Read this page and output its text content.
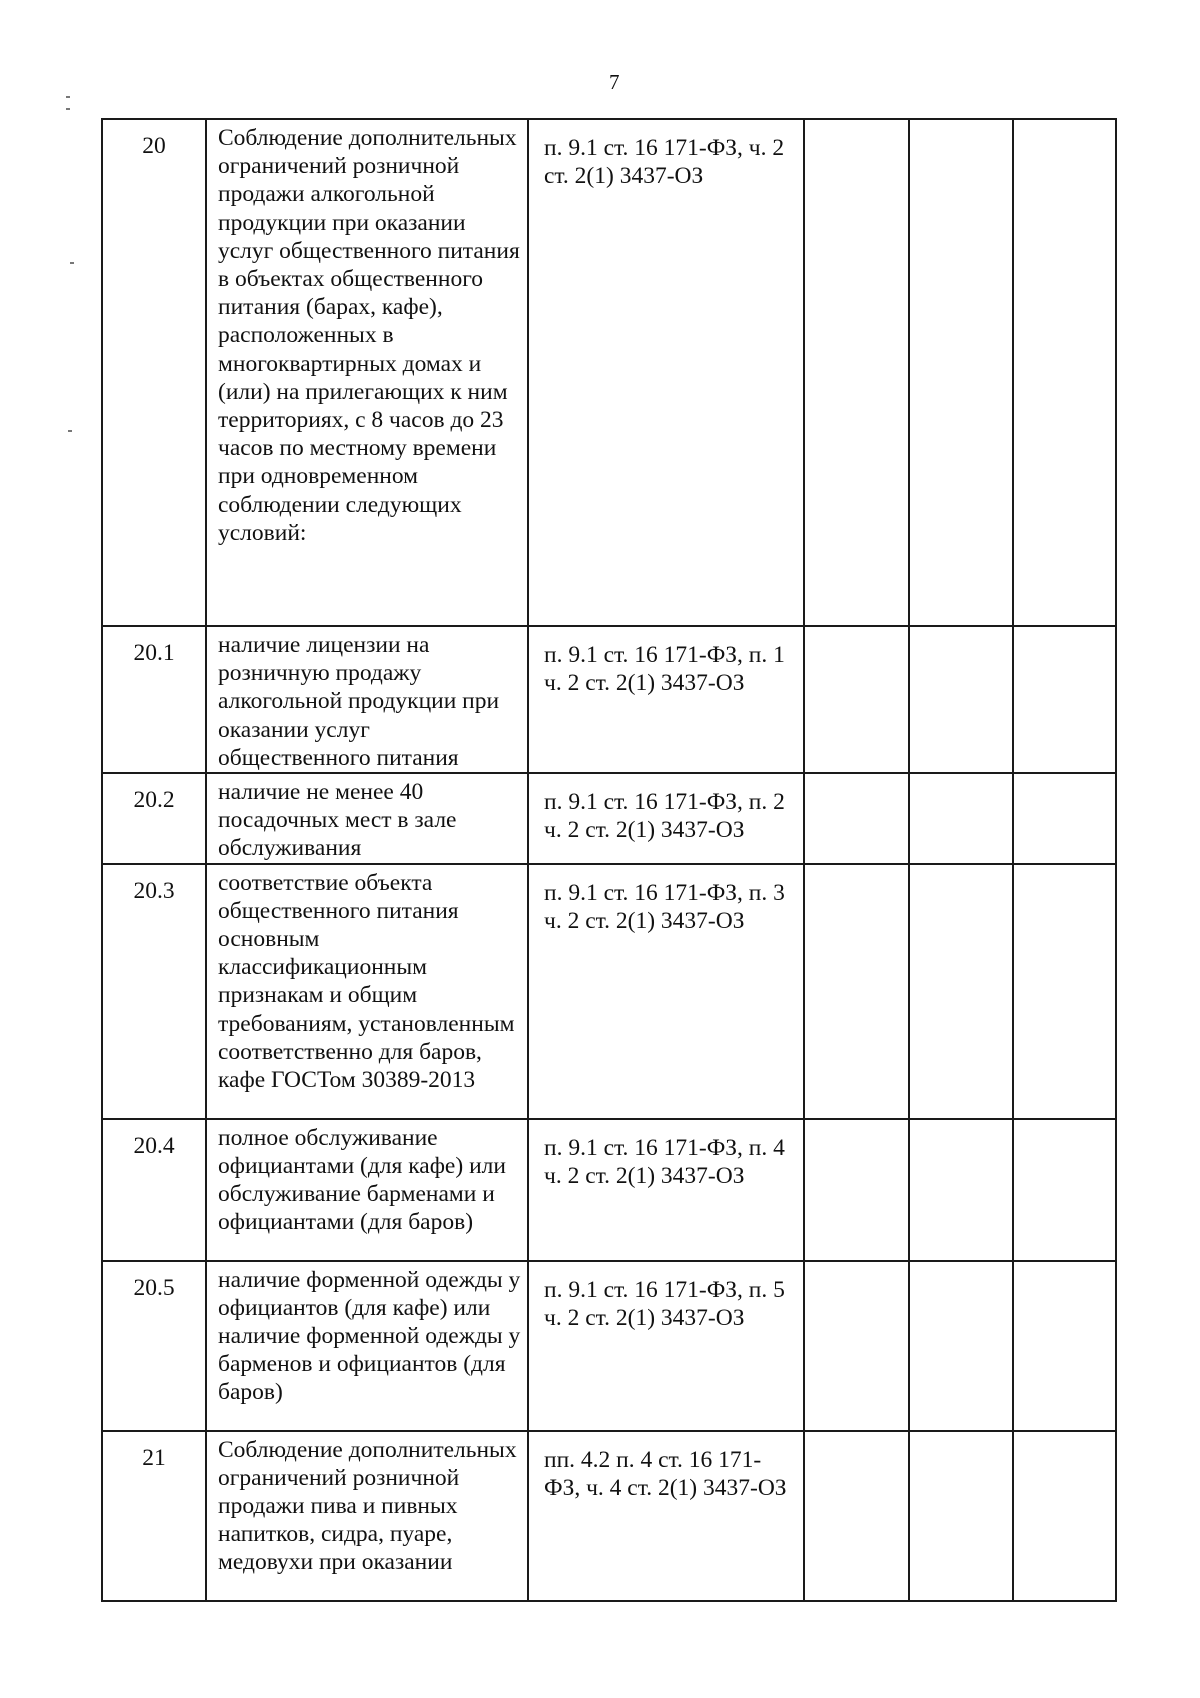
7
20	Соблюдение дополнительных ограничений розничной продажи алкогольной продукции при оказании услуг общественного питания в объектах общественного питания (барах, кафе), расположенных в многоквартирных домах и (или) на прилегающих к ним территориях, с 8 часов до 23 часов по местному времени при одновременном соблюдении следующих условий:	п. 9.1 ст. 16 171-ФЗ, ч. 2 ст. 2(1) 3437-ОЗ			
20.1	наличие лицензии на розничную продажу алкогольной продукции при оказании услуг общественного питания	п. 9.1 ст. 16 171-ФЗ, п. 1 ч. 2 ст. 2(1) 3437-ОЗ			
20.2	наличие не менее 40 посадочных мест в зале обслуживания	п. 9.1 ст. 16 171-ФЗ, п. 2 ч. 2 ст. 2(1) 3437-ОЗ			
20.3	соответствие объекта общественного питания основным классификационным признакам и общим требованиям, установленным соответственно для баров, кафе ГОСТом 30389-2013	п. 9.1 ст. 16 171-ФЗ, п. 3 ч. 2 ст. 2(1) 3437-ОЗ			
20.4	полное обслуживание официантами (для кафе) или обслуживание барменами и официантами (для баров)	п. 9.1 ст. 16 171-ФЗ, п. 4 ч. 2 ст. 2(1) 3437-ОЗ			
20.5	наличие форменной одежды у официантов (для кафе) или наличие форменной одежды у барменов и официантов (для баров)	п. 9.1 ст. 16 171-ФЗ, п. 5 ч. 2 ст. 2(1) 3437-ОЗ			
21	Соблюдение дополнительных ограничений розничной продажи пива и пивных напитков, сидра, пуаре, медовухи при оказании	пп. 4.2 п. 4 ст. 16 171-ФЗ, ч. 4 ст. 2(1) 3437-ОЗ			
